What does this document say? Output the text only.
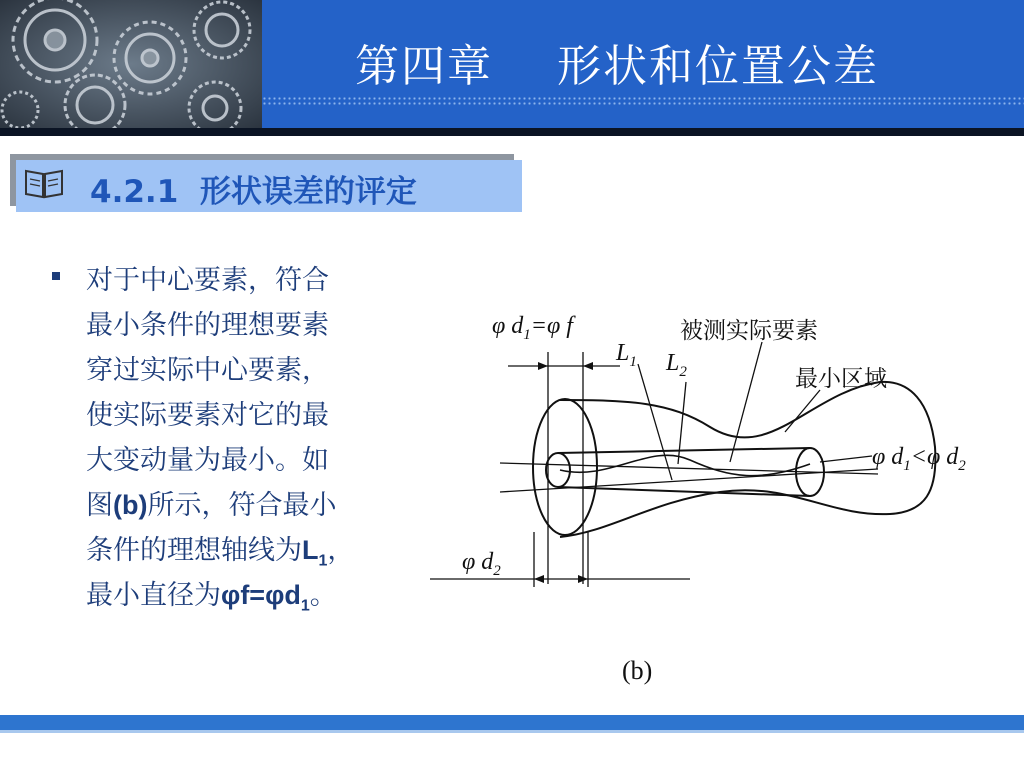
第四章    形状和位置公差
4.2.1 形状误差的评定
对于中心要素，符合
最小条件的理想要素
穿过实际中心要素，
使实际要素对它的最
大变动量为最小。如
图(b)所示，符合最小
条件的理想轴线为$L_1$，
最小直径为$\varphi f=\varphi d_1$。
φ $d_1=\varphi$ f
$L_1$ $L_2$
φ $d_1<\varphi$ $d_2$
φ $d_2$
(b)
被测实际要素
最小区域
